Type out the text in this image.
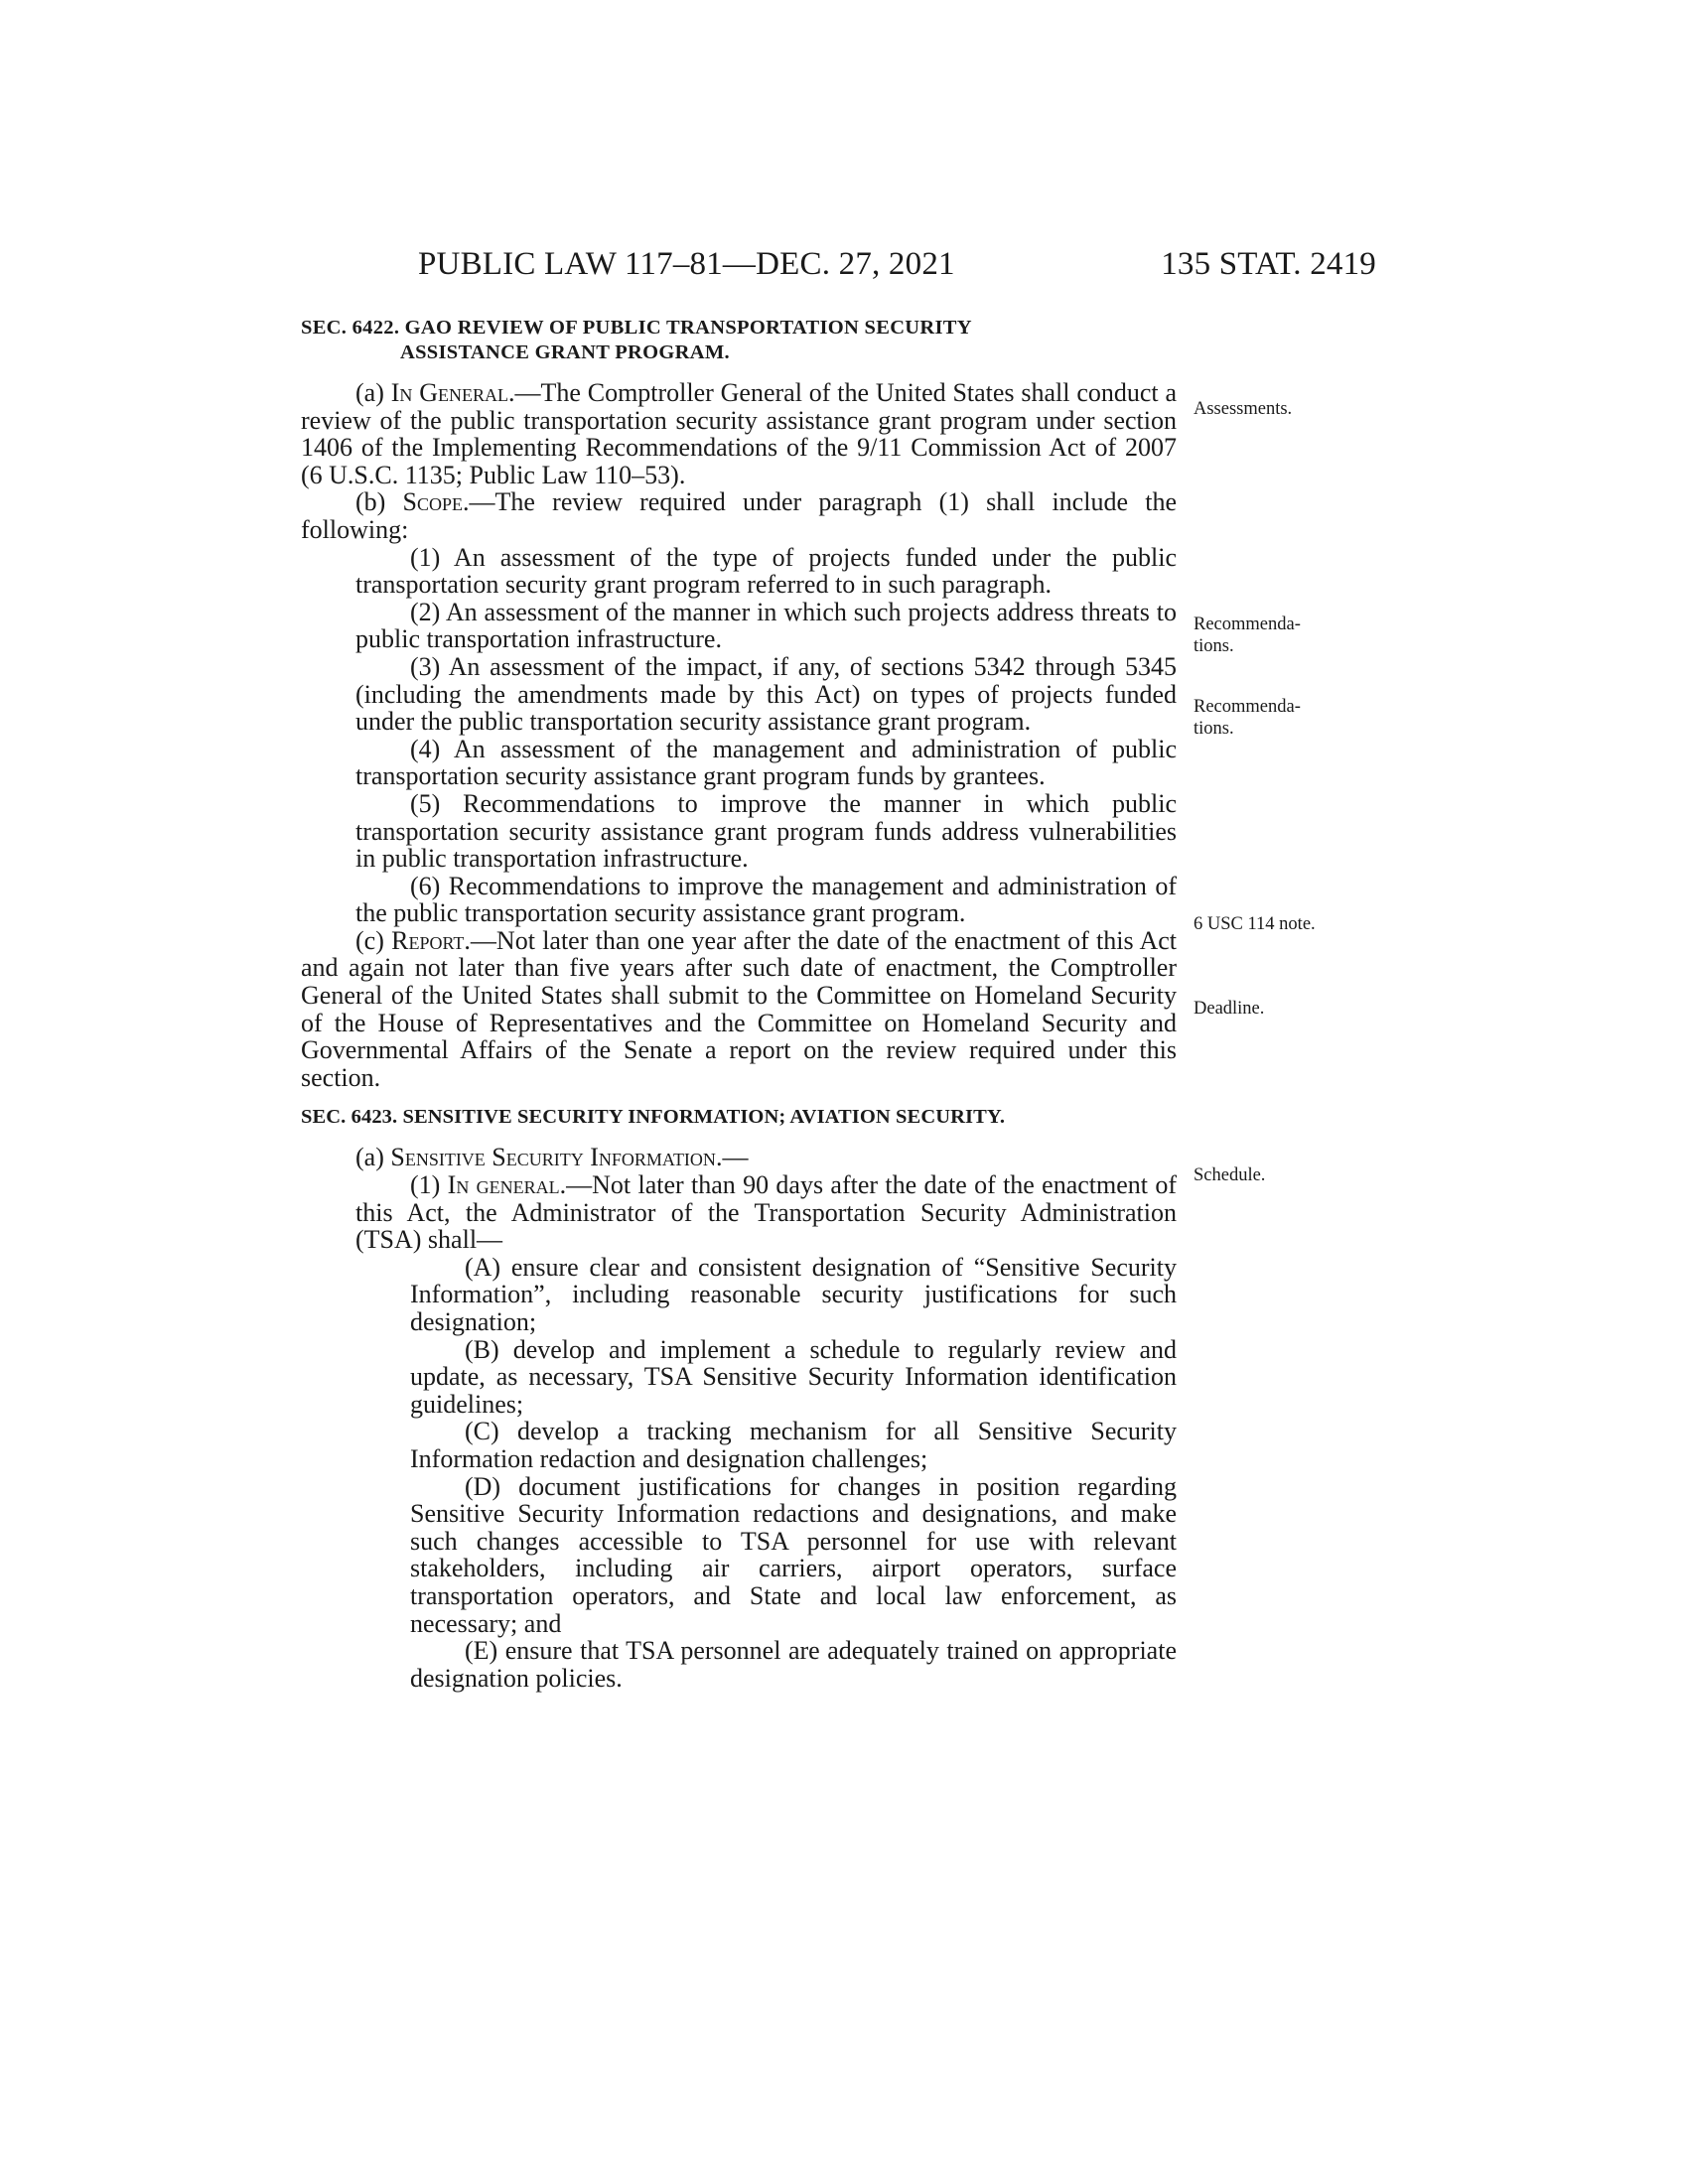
PUBLIC LAW 117–81—DEC. 27, 2021	135 STAT. 2419
SEC. 6422. GAO REVIEW OF PUBLIC TRANSPORTATION SECURITY
ASSISTANCE GRANT PROGRAM.
(a) In General.—The Comptroller General of the United States shall conduct a review of the public transportation security assistance grant program under section 1406 of the Implementing Recommendations of the 9/11 Commission Act of 2007 (6 U.S.C. 1135; Public Law 110–53).
(b) Scope.—The review required under paragraph (1) shall include the following:
(1) An assessment of the type of projects funded under the public transportation security grant program referred to in such paragraph.
(2) An assessment of the manner in which such projects address threats to public transportation infrastructure.
(3) An assessment of the impact, if any, of sections 5342 through 5345 (including the amendments made by this Act) on types of projects funded under the public transportation security assistance grant program.
(4) An assessment of the management and administration of public transportation security assistance grant program funds by grantees.
(5) Recommendations to improve the manner in which public transportation security assistance grant program funds address vulnerabilities in public transportation infrastructure.
(6) Recommendations to improve the management and administration of the public transportation security assistance grant program.
(c) Report.—Not later than one year after the date of the enactment of this Act and again not later than five years after such date of enactment, the Comptroller General of the United States shall submit to the Committee on Homeland Security of the House of Representatives and the Committee on Homeland Security and Governmental Affairs of the Senate a report on the review required under this section.
SEC. 6423. SENSITIVE SECURITY INFORMATION; AVIATION SECURITY.
(a) Sensitive Security Information.—
(1) In general.—Not later than 90 days after the date of the enactment of this Act, the Administrator of the Transportation Security Administration (TSA) shall—
(A) ensure clear and consistent designation of “Sensitive Security Information”, including reasonable security justifications for such designation;
(B) develop and implement a schedule to regularly review and update, as necessary, TSA Sensitive Security Information identification guidelines;
(C) develop a tracking mechanism for all Sensitive Security Information redaction and designation challenges;
(D) document justifications for changes in position regarding Sensitive Security Information redactions and designations, and make such changes accessible to TSA personnel for use with relevant stakeholders, including air carriers, airport operators, surface transportation operators, and State and local law enforcement, as necessary; and
(E) ensure that TSA personnel are adequately trained on appropriate designation policies.
Assessments.
Recommenda-
tions.
Recommenda-
tions.
6 USC 114 note.
Deadline.
Schedule.
